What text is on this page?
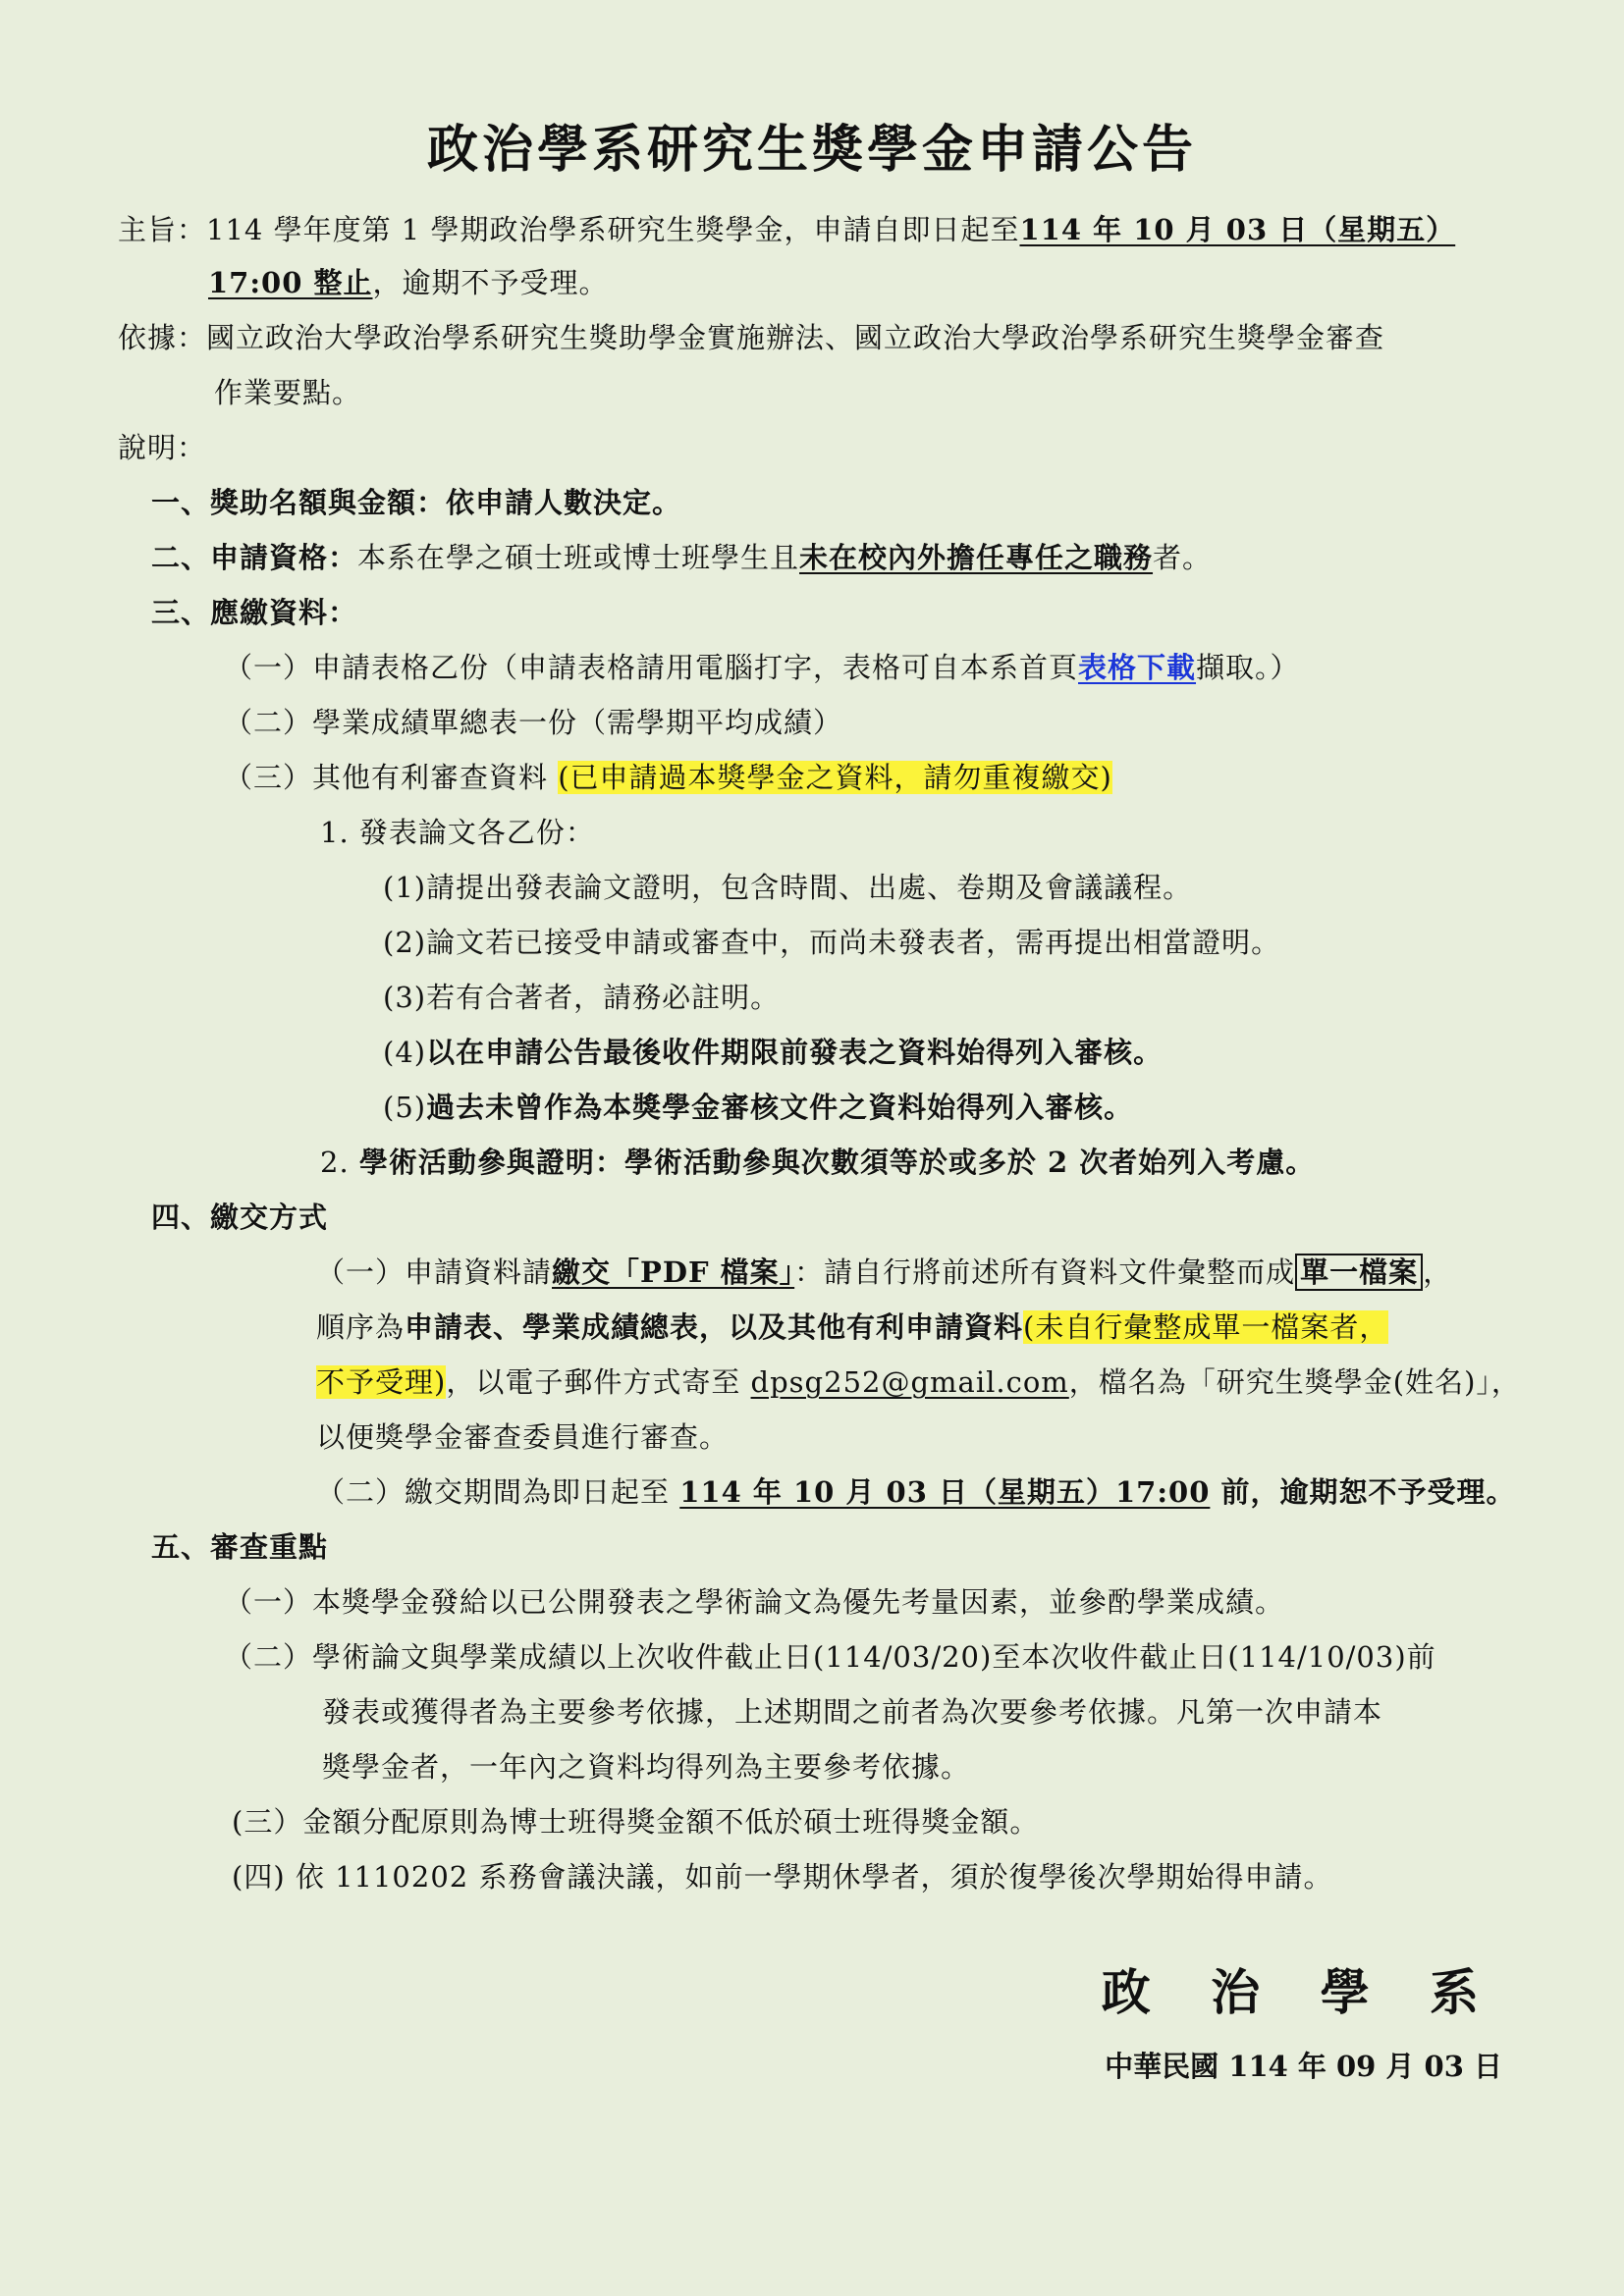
政治學系研究生獎學金申請公告
主旨：114 學年度第 1 學期政治學系研究生獎學金，申請自即日起至114 年 10 月 03 日（星期五）
17:00 整止，逾期不予受理。
依據：國立政治大學政治學系研究生獎助學金實施辦法、國立政治大學政治學系研究生獎學金審查
作業要點。
說明：
一、獎助名額與金額：依申請人數決定。
二、申請資格：本系在學之碩士班或博士班學生且未在校內外擔任專任之職務者。
三、應繳資料：
（一）申請表格乙份（申請表格請用電腦打字，表格可自本系首頁表格下載擷取。）
（二）學業成績單總表一份（需學期平均成績）
（三）其他有利審查資料 (已申請過本獎學金之資料，請勿重複繳交)
1. 發表論文各乙份：
(1)請提出發表論文證明，包含時間、出處、卷期及會議議程。
(2)論文若已接受申請或審查中，而尚未發表者，需再提出相當證明。
(3)若有合著者，請務必註明。
(4)以在申請公告最後收件期限前發表之資料始得列入審核。
(5)過去未曾作為本獎學金審核文件之資料始得列入審核。
2. 學術活動參與證明：學術活動參與次數須等於或多於 2 次者始列入考慮。
四、繳交方式
（一）申請資料請繳交「PDF 檔案」：請自行將前述所有資料文件彙整而成 單一檔案 ，
順序為申請表、學業成績總表，以及其他有利申請資料(未自行彙整成單一檔案者，
不予受理)，以電子郵件方式寄至 dpsg252@gmail.com，檔名為「研究生獎學金(姓名)」，
以便獎學金審查委員進行審查。
（二）繳交期間為即日起至 114 年 10 月 03 日（星期五）17:00 前，逾期恕不予受理。
五、審查重點
（一）本獎學金發給以已公開發表之學術論文為優先考量因素，並參酌學業成績。
（二）學術論文與學業成績以上次收件截止日(114/03/20)至本次收件截止日(114/10/03)前
發表或獲得者為主要參考依據，上述期間之前者為次要參考依據。凡第一次申請本
獎學金者，一年內之資料均得列為主要參考依據。
(三）金額分配原則為博士班得獎金額不低於碩士班得獎金額。
(四) 依 1110202 系務會議決議，如前一學期休學者，須於復學後次學期始得申請。
政 治 學 系
中華民國 114 年 09 月 03 日
